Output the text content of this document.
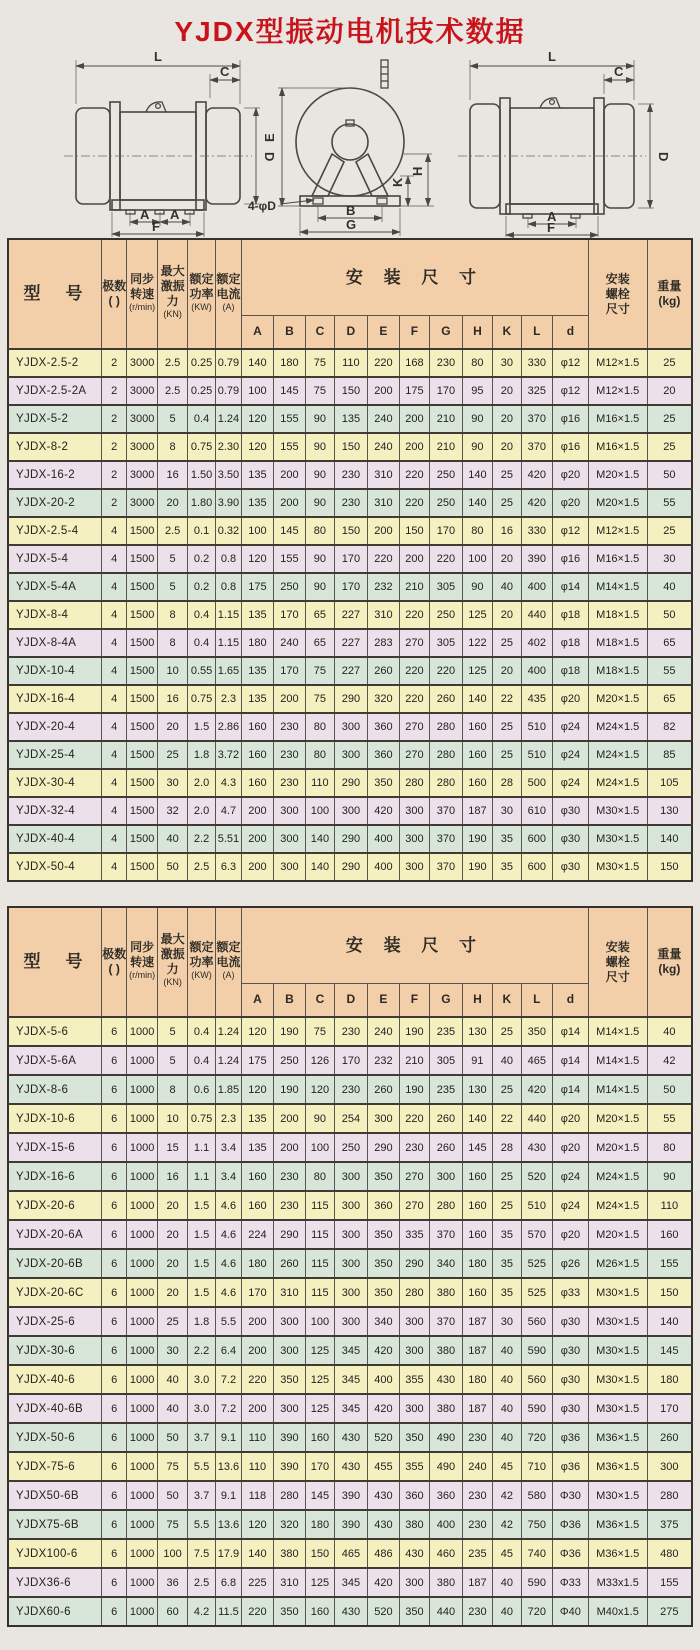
YJDX型振动电机技术数据
L
C
D
A A
F
E
K
H
B
G
4-φD
L
C
D
A
F
型　号	极数
( )

同步
转速
(r/min)

最大
激振
力
(KN)

额定
功率
(KW)

额定
电流
(A)
	安 装 尺 寸	安装
螺栓
尺寸	重量
(kg)
						A	B	C	D	E	F	G	H	K	L	d		
YJDX-2.5-2	2	3000	2.5	0.25	0.79	140	180	75	110	220	168	230	80	30	330	φ12	M12×1.5	25
YJDX-2.5-2A	2	3000	2.5	0.25	0.79	100	145	75	150	200	175	170	95	20	325	φ12	M12×1.5	20
YJDX-5-2	2	3000	5	0.4	1.24	120	155	90	135	240	200	210	90	20	370	φ16	M16×1.5	25
YJDX-8-2	2	3000	8	0.75	2.30	120	155	90	150	240	200	210	90	20	370	φ16	M16×1.5	25
YJDX-16-2	2	3000	16	1.50	3.50	135	200	90	230	310	220	250	140	25	420	φ20	M20×1.5	50
YJDX-20-2	2	3000	20	1.80	3.90	135	200	90	230	310	220	250	140	25	420	φ20	M20×1.5	55
YJDX-2.5-4	4	1500	2.5	0.1	0.32	100	145	80	150	200	150	170	80	16	330	φ12	M12×1.5	25
YJDX-5-4	4	1500	5	0.2	0.8	120	155	90	170	220	200	220	100	20	390	φ16	M16×1.5	30
YJDX-5-4A	4	1500	5	0.2	0.8	175	250	90	170	232	210	305	90	40	400	φ14	M14×1.5	40
YJDX-8-4	4	1500	8	0.4	1.15	135	170	65	227	310	220	250	125	20	440	φ18	M18×1.5	50
YJDX-8-4A	4	1500	8	0.4	1.15	180	240	65	227	283	270	305	122	25	402	φ18	M18×1.5	65
YJDX-10-4	4	1500	10	0.55	1.65	135	170	75	227	260	220	220	125	20	400	φ18	M18×1.5	55
YJDX-16-4	4	1500	16	0.75	2.3	135	200	75	290	320	220	260	140	22	435	φ20	M20×1.5	65
YJDX-20-4	4	1500	20	1.5	2.86	160	230	80	300	360	270	280	160	25	510	φ24	M24×1.5	82
YJDX-25-4	4	1500	25	1.8	3.72	160	230	80	300	360	270	280	160	25	510	φ24	M24×1.5	85
YJDX-30-4	4	1500	30	2.0	4.3	160	230	110	290	350	280	280	160	28	500	φ24	M24×1.5	105
YJDX-32-4	4	1500	32	2.0	4.7	200	300	100	300	420	300	370	187	30	610	φ30	M30×1.5	130
YJDX-40-4	4	1500	40	2.2	5.51	200	300	140	290	400	300	370	190	35	600	φ30	M30×1.5	140
YJDX-50-4	4	1500	50	2.5	6.3	200	300	140	290	400	300	370	190	35	600	φ30	M30×1.5	150
型　号	极数
( )

同步
转速
(r/min)

最大
激振
力
(KN)

额定
功率
(KW)

额定
电流
(A)
	安 装 尺 寸	安装
螺栓
尺寸	重量
(kg)
						A	B	C	D	E	F	G	H	K	L	d		
YJDX-5-6	6	1000	5	0.4	1.24	120	190	75	230	240	190	235	130	25	350	φ14	M14×1.5	40
YJDX-5-6A	6	1000	5	0.4	1.24	175	250	126	170	232	210	305	91	40	465	φ14	M14×1.5	42
YJDX-8-6	6	1000	8	0.6	1.85	120	190	120	230	260	190	235	130	25	420	φ14	M14×1.5	50
YJDX-10-6	6	1000	10	0.75	2.3	135	200	90	254	300	220	260	140	22	440	φ20	M20×1.5	55
YJDX-15-6	6	1000	15	1.1	3.4	135	200	100	250	290	230	260	145	28	430	φ20	M20×1.5	80
YJDX-16-6	6	1000	16	1.1	3.4	160	230	80	300	350	270	300	160	25	520	φ24	M24×1.5	90
YJDX-20-6	6	1000	20	1.5	4.6	160	230	115	300	360	270	280	160	25	510	φ24	M24×1.5	110
YJDX-20-6A	6	1000	20	1.5	4.6	224	290	115	300	350	335	370	160	35	570	φ20	M20×1.5	160
YJDX-20-6B	6	1000	20	1.5	4.6	180	260	115	300	350	290	340	180	35	525	φ26	M26×1.5	155
YJDX-20-6C	6	1000	20	1.5	4.6	170	310	115	300	350	280	380	160	35	525	φ33	M30×1.5	150
YJDX-25-6	6	1000	25	1.8	5.5	200	300	100	300	340	300	370	187	30	560	φ30	M30×1.5	140
YJDX-30-6	6	1000	30	2.2	6.4	200	300	125	345	420	300	380	187	40	590	φ30	M30×1.5	145
YJDX-40-6	6	1000	40	3.0	7.2	220	350	125	345	400	355	430	180	40	560	φ30	M30×1.5	180
YJDX-40-6B	6	1000	40	3.0	7.2	200	300	125	345	420	300	380	187	40	590	φ30	M30×1.5	170
YJDX-50-6	6	1000	50	3.7	9.1	110	390	160	430	520	350	490	230	40	720	φ36	M36×1.5	260
YJDX-75-6	6	1000	75	5.5	13.6	110	390	170	430	455	355	490	240	45	710	φ36	M36×1.5	300
YJDX50-6B	6	1000	50	3.7	9.1	118	280	145	390	430	360	360	230	42	580	Φ30	M30×1.5	280
YJDX75-6B	6	1000	75	5.5	13.6	120	320	180	390	430	380	400	230	42	750	Φ36	M36×1.5	375
YJDX100-6	6	1000	100	7.5	17.9	140	380	150	465	486	430	460	235	45	740	Φ36	M36×1.5	480
YJDX36-6	6	1000	36	2.5	6.8	225	310	125	345	420	300	380	187	40	590	Φ33	M33x1.5	155
YJDX60-6	6	1000	60	4.2	11.5	220	350	160	430	520	350	440	230	40	720	Φ40	M40x1.5	275
